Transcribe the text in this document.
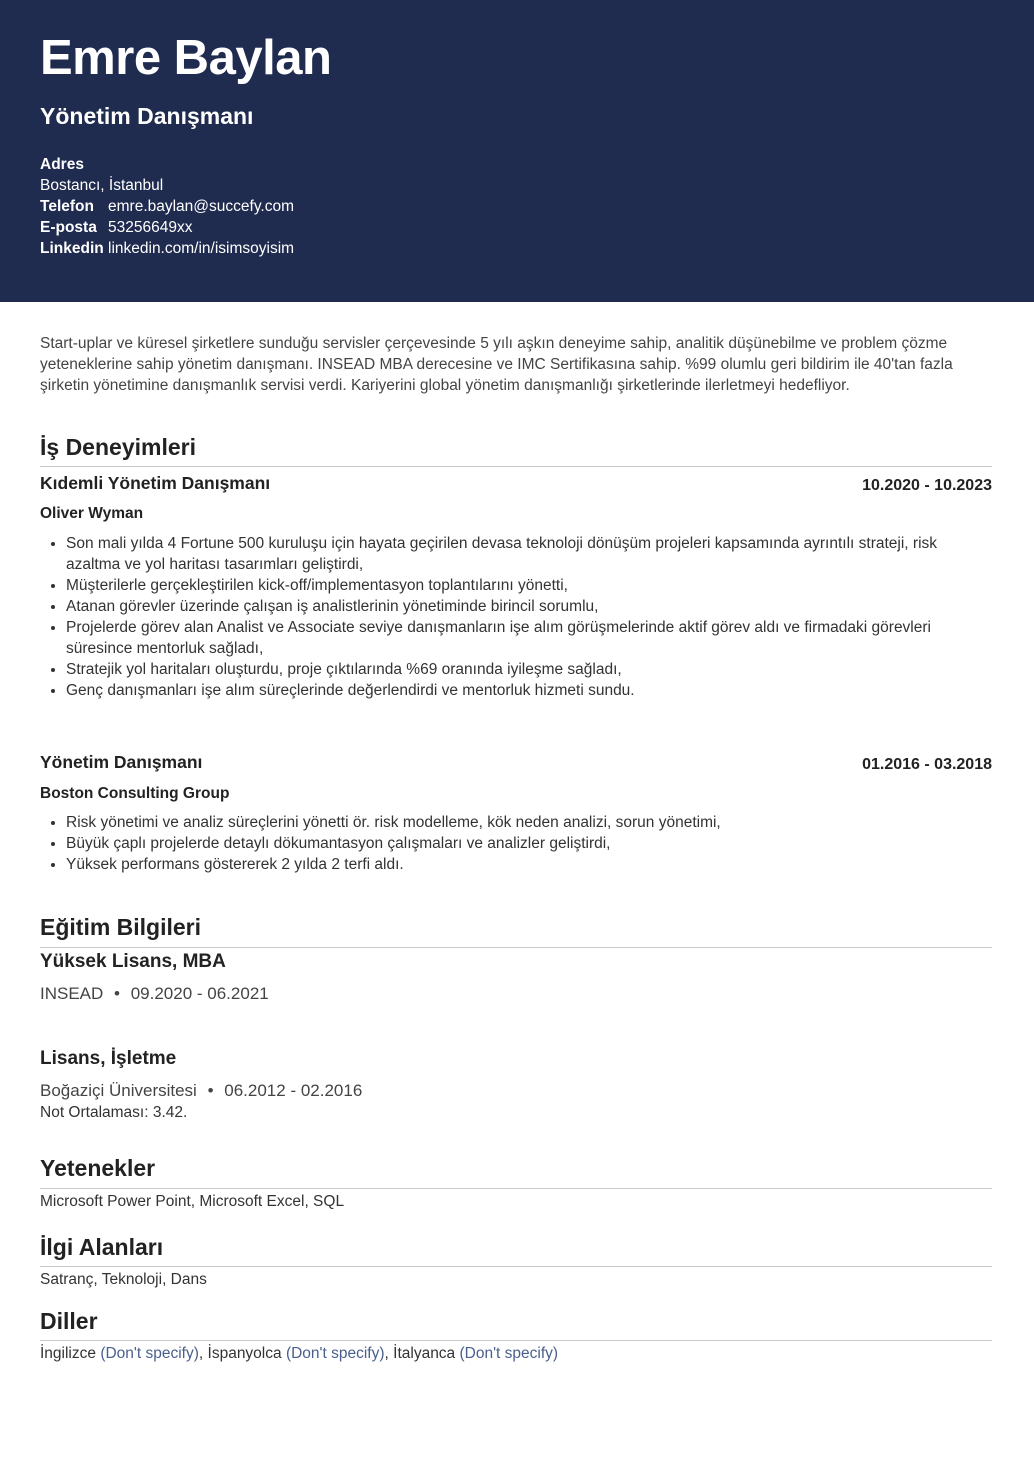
Emre Baylan
Yönetim Danışmanı
Adres
Bostancı, İstanbul
Telefon emre.baylan@succefy.com
E-posta 53256649xx
Linkedin linkedin.com/in/isimsoyisim
Start-uplar ve küresel şirketlere sunduğu servisler çerçevesinde 5 yılı aşkın deneyime sahip, analitik düşünebilme ve problem çözme yeteneklerine sahip yönetim danışmanı. INSEAD MBA derecesine ve IMC Sertifikasına sahip. %99 olumlu geri bildirim ile 40'tan fazla şirketin yönetimine danışmanlık servisi verdi. Kariyerini global yönetim danışmanlığı şirketlerinde ilerletmeyi hedefliyor.
İş Deneyimleri
Kıdemli Yönetim Danışmanı	10.2020 - 10.2023
Oliver Wyman
• Son mali yılda 4 Fortune 500 kuruluşu için hayata geçirilen devasa teknoloji dönüşüm projeleri kapsamında ayrıntılı strateji, risk azaltma ve yol haritası tasarımları geliştirdi,
• Müşterilerle gerçekleştirilen kick-off/implementasyon toplantılarını yönetti,
• Atanan görevler üzerinde çalışan iş analistlerinin yönetiminde birincil sorumlu,
• Projelerde görev alan Analist ve Associate seviye danışmanların işe alım görüşmelerinde aktif görev aldı ve firmadaki görevleri süresince mentorluk sağladı,
• Stratejik yol haritaları oluşturdu, proje çıktılarında %69 oranında iyileşme sağladı,
• Genç danışmanları işe alım süreçlerinde değerlendirdi ve mentorluk hizmeti sundu.
Yönetim Danışmanı	01.2016 - 03.2018
Boston Consulting Group
• Risk yönetimi ve analiz süreçlerini yönetti ör. risk modelleme, kök neden analizi, sorun yönetimi,
• Büyük çaplı projelerde detaylı dökumantasyon çalışmaları ve analizler geliştirdi,
• Yüksek performans göstererek 2 yılda 2 terfi aldı.
Eğitim Bilgileri
Yüksek Lisans, MBA
INSEAD • 09.2020 - 06.2021
Lisans, İşletme
Boğaziçi Üniversitesi • 06.2012 - 02.2016
Not Ortalaması: 3.42.
Yetenekler
Microsoft Power Point, Microsoft Excel, SQL
İlgi Alanları
Satranç, Teknoloji, Dans
Diller
İngilizce (Don't specify), İspanyolca (Don't specify), İtalyanca (Don't specify)
